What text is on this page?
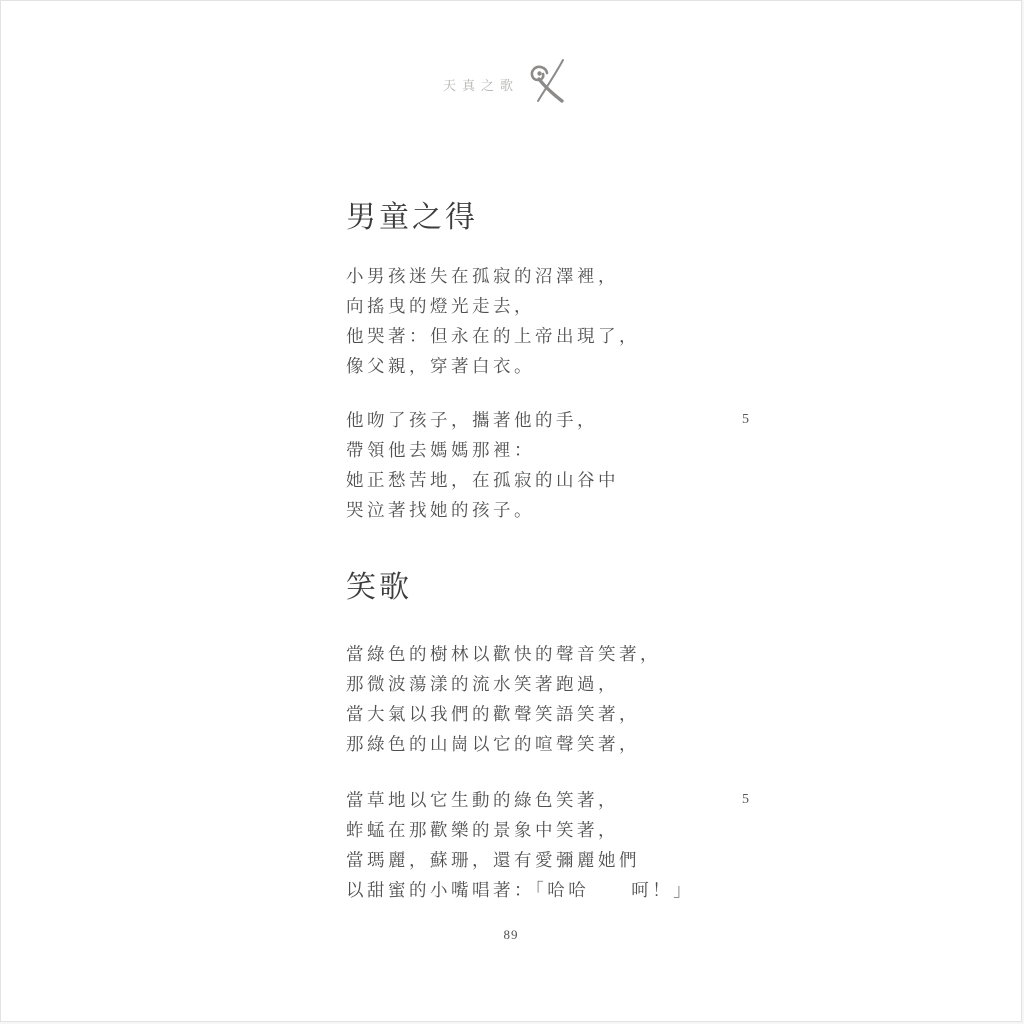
天真之歌
男童之得

小男孩迷失在孤寂的沼澤裡，

向搖曳的燈光走去，

他哭著：但永在的上帝出現了，

像父親，穿著白衣。

他吻了孩子，攜著他的手，

帶領他去媽媽那裡：

她正愁苦地，在孤寂的山谷中

哭泣著找她的孩子。

5
笑歌

當綠色的樹林以歡快的聲音笑著，

那微波蕩漾的流水笑著跑過，

當大氣以我們的歡聲笑語笑著，

那綠色的山崗以它的喧聲笑著，

當草地以它生動的綠色笑著，

蚱蜢在那歡樂的景象中笑著，

當瑪麗，蘇珊，還有愛彌麗她們

以甜蜜的小嘴唱著：「哈哈　　呵！」

5
89
